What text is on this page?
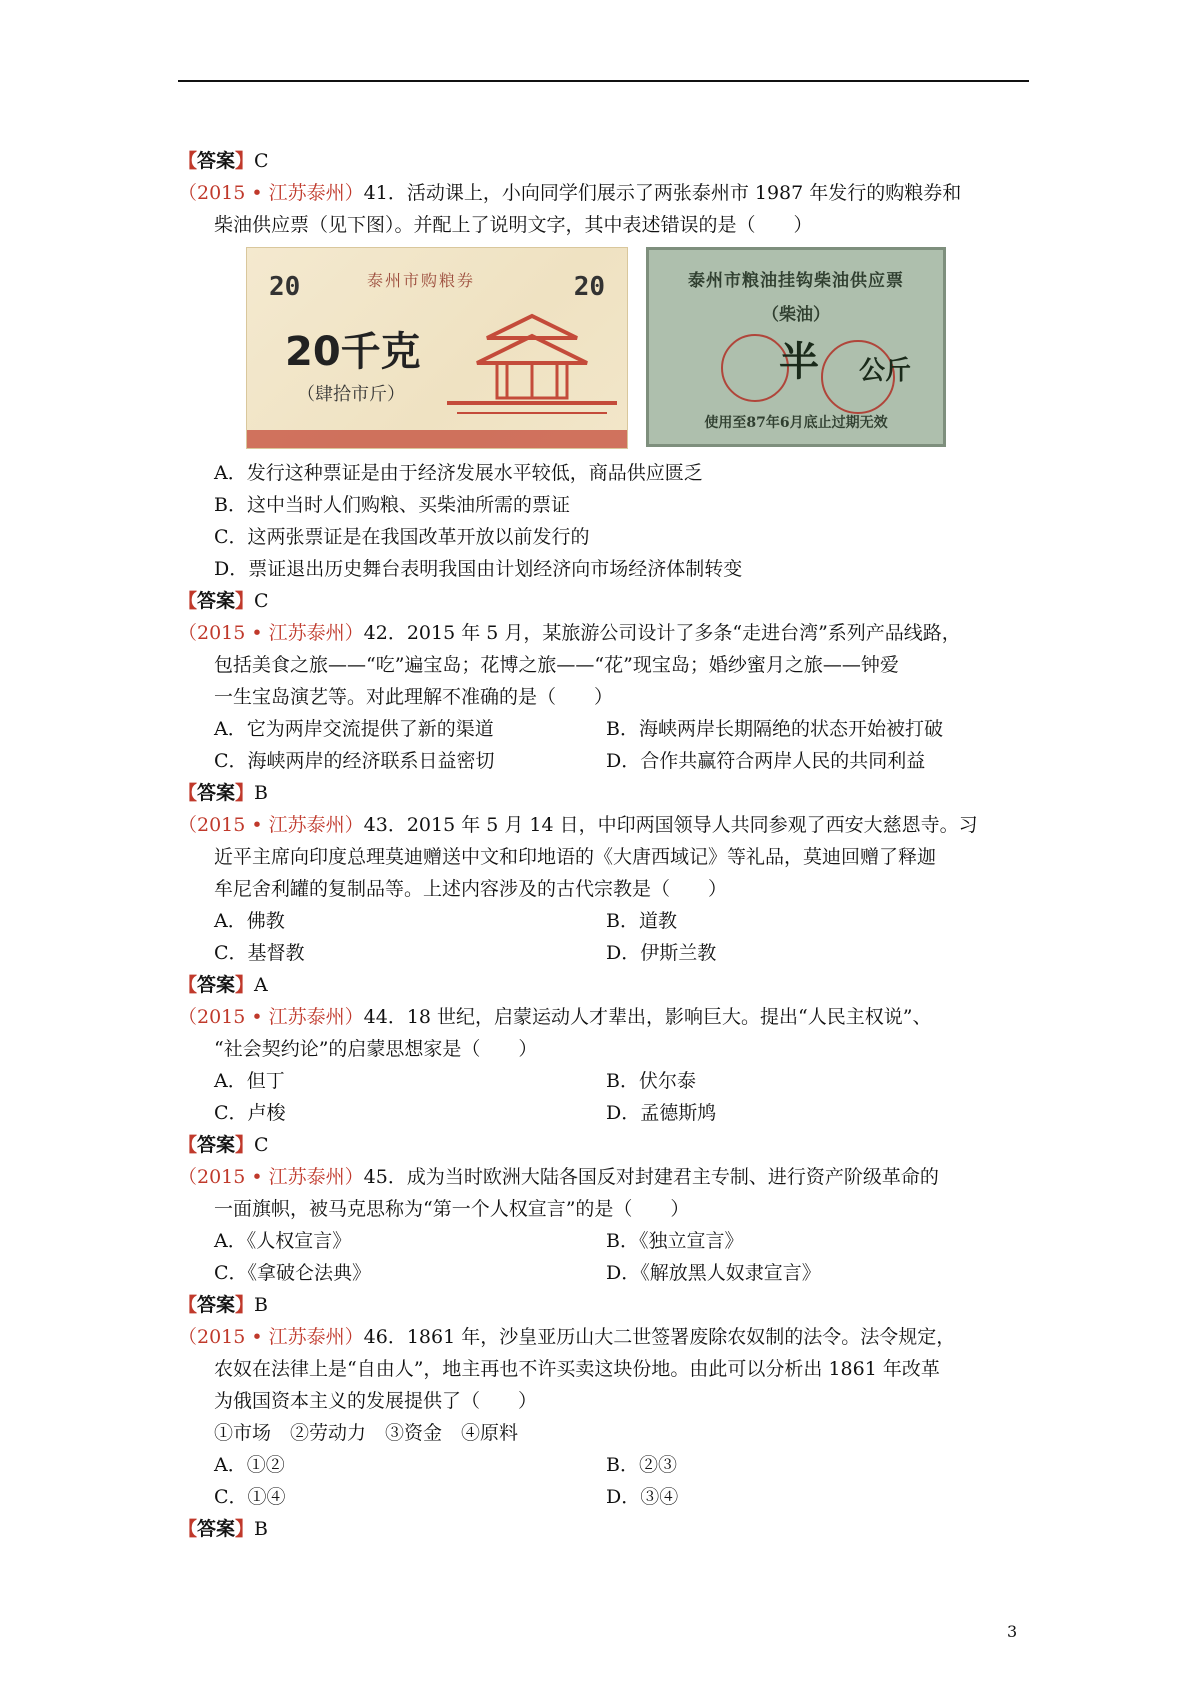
【答案】C
（2015 • 江苏泰州）41．活动课上，小向同学们展示了两张泰州市 1987 年发行的购粮券和
柴油供应票（见下图）。并配上了说明文字，其中表述错误的是（　　）
20	20
泰州市购粮券
20千克
（肆拾市斤）
泰州市粮油挂钩柴油供应票
（柴油）
半 公斤
使用至87年6月底止过期无效
A．发行这种票证是由于经济发展水平较低，商品供应匮乏
B．这中当时人们购粮、买柴油所需的票证
C．这两张票证是在我国改革开放以前发行的
D．票证退出历史舞台表明我国由计划经济向市场经济体制转变
【答案】C
（2015 • 江苏泰州）42．2015 年 5 月，某旅游公司设计了多条“走进台湾”系列产品线路，
包括美食之旅——“吃”遍宝岛；花博之旅——“花”现宝岛；婚纱蜜月之旅——钟爱
一生宝岛演艺等。对此理解不准确的是（　　）
A．它为两岸交流提供了新的渠道	B．海峡两岸长期隔绝的状态开始被打破
C．海峡两岸的经济联系日益密切	D．合作共赢符合两岸人民的共同利益
【答案】B
（2015 • 江苏泰州）43．2015 年 5 月 14 日，中印两国领导人共同参观了西安大慈恩寺。习
近平主席向印度总理莫迪赠送中文和印地语的《大唐西域记》等礼品，莫迪回赠了释迦
牟尼舍利罐的复制品等。上述内容涉及的古代宗教是（　　）
A．佛教	B．道教
C．基督教	D．伊斯兰教
【答案】A
（2015 • 江苏泰州）44．18 世纪，启蒙运动人才辈出，影响巨大。提出“人民主权说”、
“社会契约论”的启蒙思想家是（　　）
A．但丁	B．伏尔泰
C．卢梭	D．孟德斯鸠
【答案】C
（2015 • 江苏泰州）45．成为当时欧洲大陆各国反对封建君主专制、进行资产阶级革命的
一面旗帜，被马克思称为“第一个人权宣言”的是（　　）
A．《人权宣言》	B．《独立宣言》
C．《拿破仑法典》	D．《解放黑人奴隶宣言》
【答案】B
（2015 • 江苏泰州）46．1861 年，沙皇亚历山大二世签署废除农奴制的法令。法令规定，
农奴在法律上是“自由人”，地主再也不许买卖这块份地。由此可以分析出 1861 年改革
为俄国资本主义的发展提供了（　　）
①市场　②劳动力　③资金　④原料
A．①②	B．②③
C．①④	D．③④
【答案】B
3
